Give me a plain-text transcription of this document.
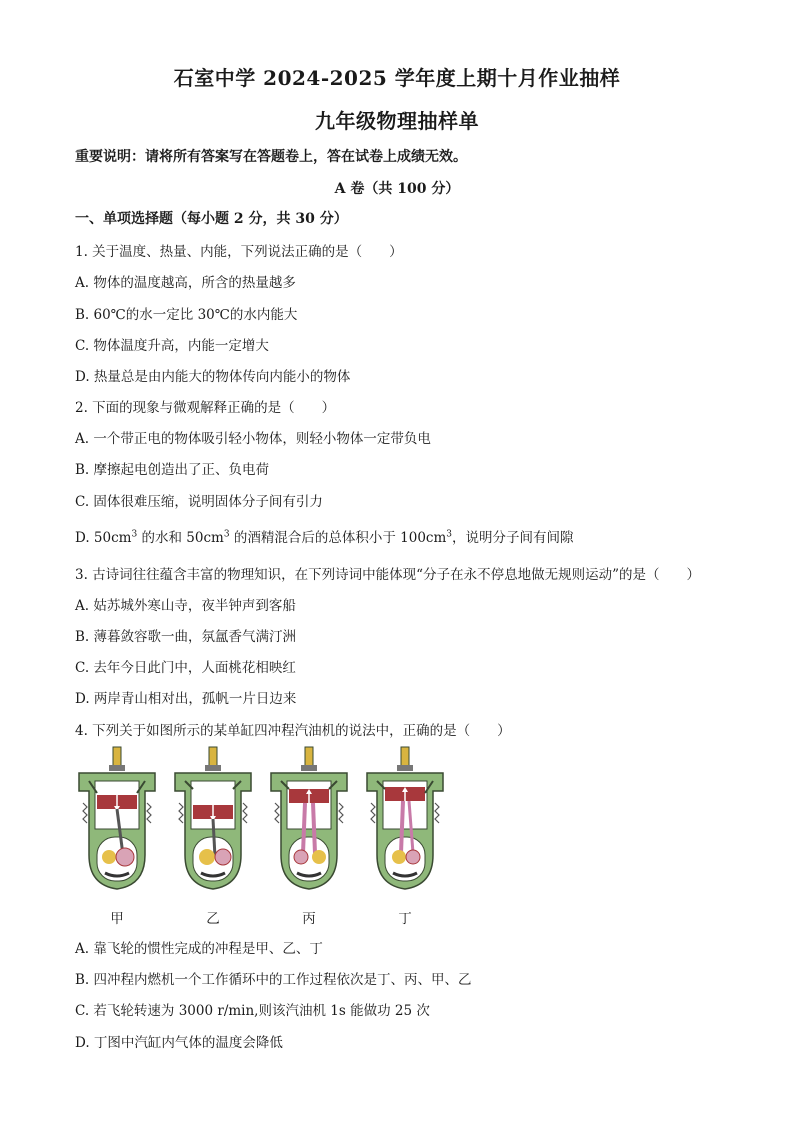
石室中学 2024-2025 学年度上期十月作业抽样
九年级物理抽样单
重要说明：请将所有答案写在答题卷上，答在试卷上成绩无效。
A 卷（共 100 分）
一、单项选择题（每小题 2 分，共 30 分）
1. 关于温度、热量、内能，下列说法正确的是（　　）
A. 物体的温度越高，所含的热量越多
B. 60℃的水一定比 30℃的水内能大
C. 物体温度升高，内能一定增大
D. 热量总是由内能大的物体传向内能小的物体
2. 下面的现象与微观解释正确的是（　　）
A. 一个带正电的物体吸引轻小物体，则轻小物体一定带负电
B. 摩擦起电创造出了正、负电荷
C. 固体很难压缩，说明固体分子间有引力
D. $50cm^3$ 的水和 $50cm^3$ 的酒精混合后的总体积小于 $100cm^3$，说明分子间有间隙
3. 古诗词往往蕴含丰富的物理知识，在下列诗词中能体现“分子在永不停息地做无规则运动”的是（　　）
A. 姑苏城外寒山寺，夜半钟声到客船
B. 薄暮敛容歌一曲，氛氲香气满汀洲
C. 去年今日此门中，人面桃花相映红
D. 两岸青山相对出，孤帆一片日边来
4. 下列关于如图所示的某单缸四冲程汽油机的说法中，正确的是（　　）
甲	乙	丙	丁
A. 靠飞轮的惯性完成的冲程是甲、乙、丁
B. 四冲程内燃机一个工作循环中的工作过程依次是丁、丙、甲、乙
C. 若飞轮转速为 3000 r/min,则该汽油机 1s 能做功 25 次
D. 丁图中汽缸内气体的温度会降低
